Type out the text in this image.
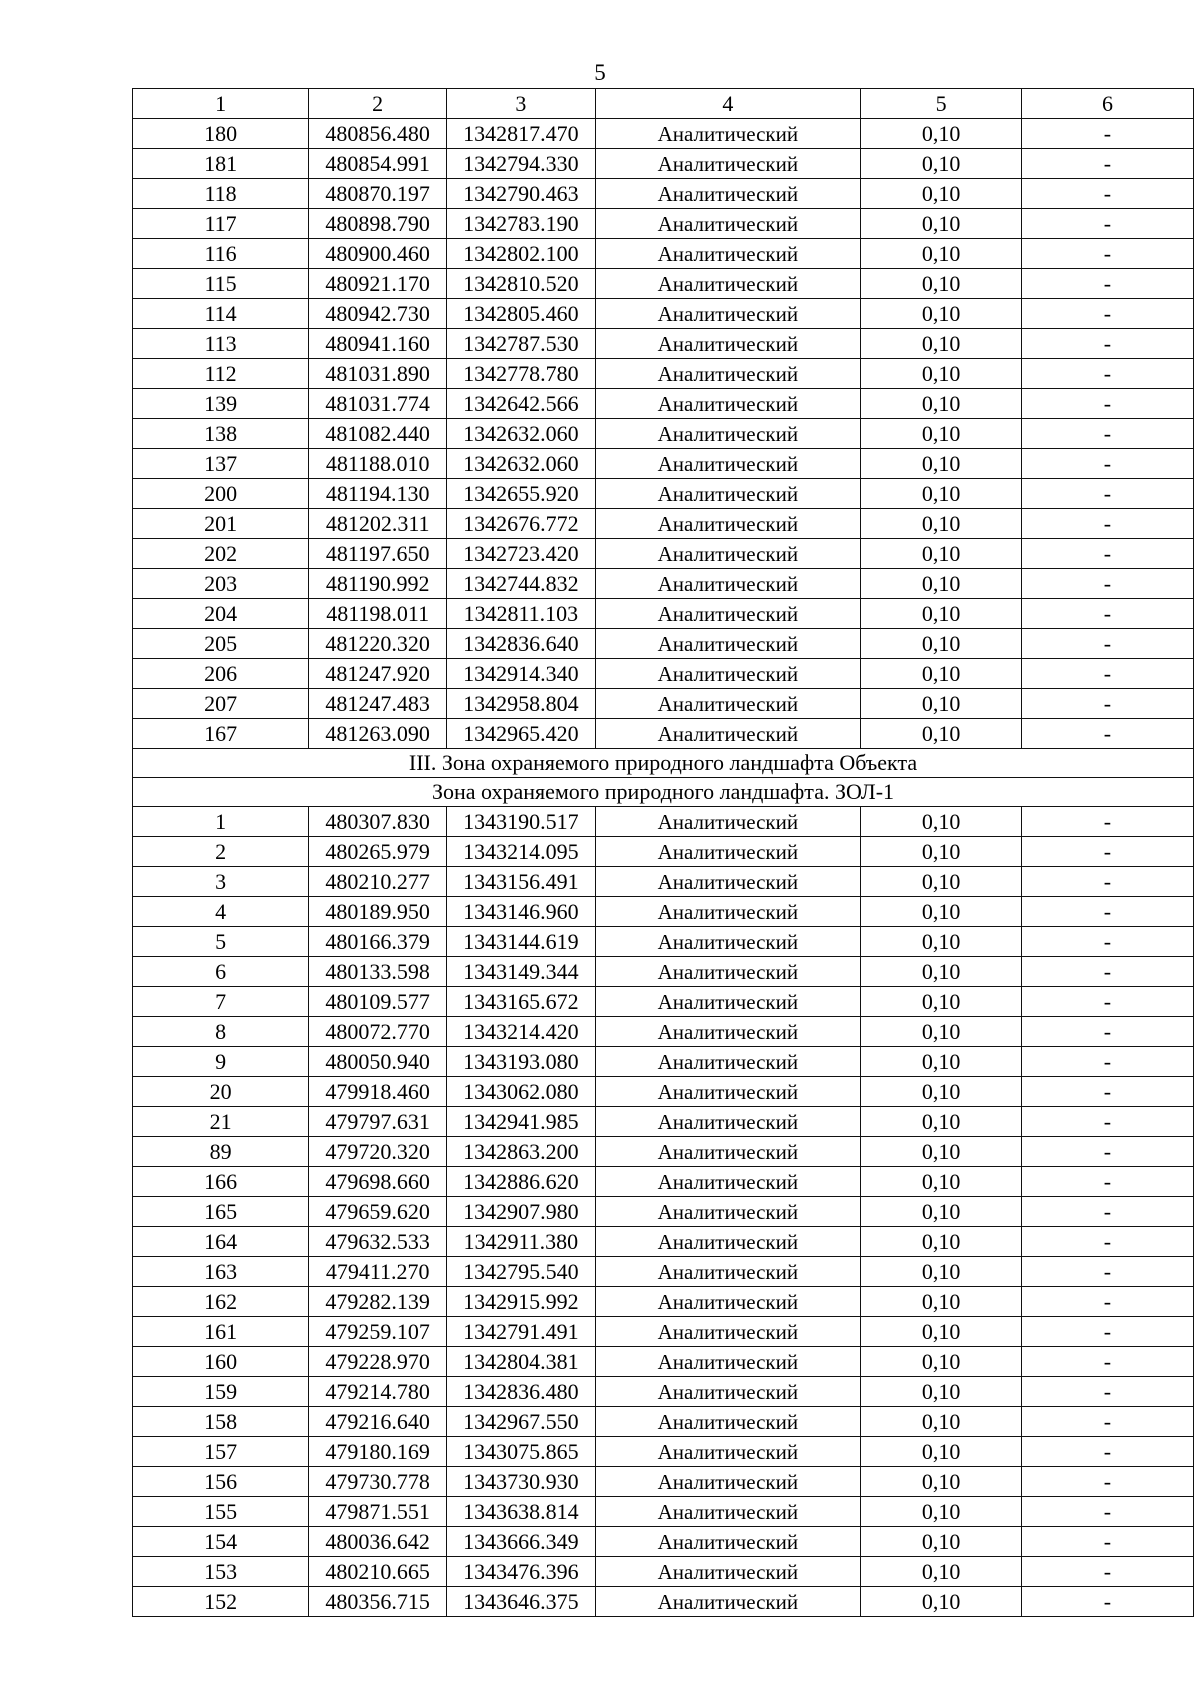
5
1	2	3	4	5	6
180	480856.480	1342817.470	Аналитический	0,10	-
181	480854.991	1342794.330	Аналитический	0,10	-
118	480870.197	1342790.463	Аналитический	0,10	-
117	480898.790	1342783.190	Аналитический	0,10	-
116	480900.460	1342802.100	Аналитический	0,10	-
115	480921.170	1342810.520	Аналитический	0,10	-
114	480942.730	1342805.460	Аналитический	0,10	-
113	480941.160	1342787.530	Аналитический	0,10	-
112	481031.890	1342778.780	Аналитический	0,10	-
139	481031.774	1342642.566	Аналитический	0,10	-
138	481082.440	1342632.060	Аналитический	0,10	-
137	481188.010	1342632.060	Аналитический	0,10	-
200	481194.130	1342655.920	Аналитический	0,10	-
201	481202.311	1342676.772	Аналитический	0,10	-
202	481197.650	1342723.420	Аналитический	0,10	-
203	481190.992	1342744.832	Аналитический	0,10	-
204	481198.011	1342811.103	Аналитический	0,10	-
205	481220.320	1342836.640	Аналитический	0,10	-
206	481247.920	1342914.340	Аналитический	0,10	-
207	481247.483	1342958.804	Аналитический	0,10	-
167	481263.090	1342965.420	Аналитический	0,10	-
III. Зона охраняемого природного ландшафта Объекта					
Зона охраняемого природного ландшафта. ЗОЛ-1					
1	480307.830	1343190.517	Аналитический	0,10	-
2	480265.979	1343214.095	Аналитический	0,10	-
3	480210.277	1343156.491	Аналитический	0,10	-
4	480189.950	1343146.960	Аналитический	0,10	-
5	480166.379	1343144.619	Аналитический	0,10	-
6	480133.598	1343149.344	Аналитический	0,10	-
7	480109.577	1343165.672	Аналитический	0,10	-
8	480072.770	1343214.420	Аналитический	0,10	-
9	480050.940	1343193.080	Аналитический	0,10	-
20	479918.460	1343062.080	Аналитический	0,10	-
21	479797.631	1342941.985	Аналитический	0,10	-
89	479720.320	1342863.200	Аналитический	0,10	-
166	479698.660	1342886.620	Аналитический	0,10	-
165	479659.620	1342907.980	Аналитический	0,10	-
164	479632.533	1342911.380	Аналитический	0,10	-
163	479411.270	1342795.540	Аналитический	0,10	-
162	479282.139	1342915.992	Аналитический	0,10	-
161	479259.107	1342791.491	Аналитический	0,10	-
160	479228.970	1342804.381	Аналитический	0,10	-
159	479214.780	1342836.480	Аналитический	0,10	-
158	479216.640	1342967.550	Аналитический	0,10	-
157	479180.169	1343075.865	Аналитический	0,10	-
156	479730.778	1343730.930	Аналитический	0,10	-
155	479871.551	1343638.814	Аналитический	0,10	-
154	480036.642	1343666.349	Аналитический	0,10	-
153	480210.665	1343476.396	Аналитический	0,10	-
152	480356.715	1343646.375	Аналитический	0,10	-
